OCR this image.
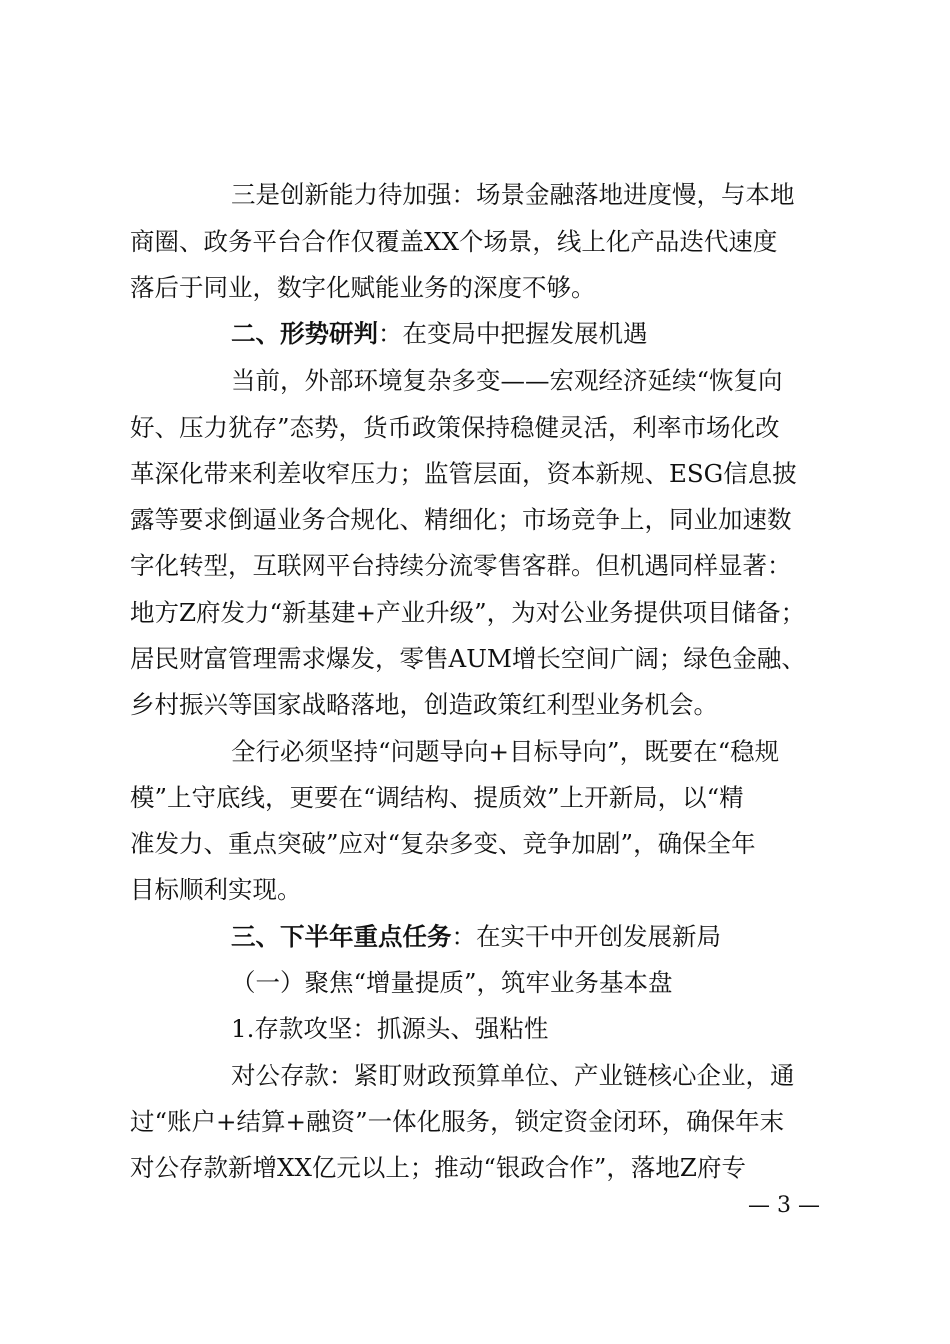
三是创新能力待加强：场景金融落地进度慢，与本地
商圈、政务平台合作仅覆盖XX个场景，线上化产品迭代速度
落后于同业，数字化赋能业务的深度不够。
二、形势研判：在变局中把握发展机遇
当前，外部环境复杂多变——宏观经济延续“恢复向
好、压力犹存”态势，货币政策保持稳健灵活，利率市场化改
革深化带来利差收窄压力；监管层面，资本新规、ESG信息披
露等要求倒逼业务合规化、精细化；市场竞争上，同业加速数
字化转型，互联网平台持续分流零售客群。但机遇同样显著：
地方Z府发力“新基建+产业升级”，为对公业务提供项目储备；
居民财富管理需求爆发，零售AUM增长空间广阔；绿色金融、
乡村振兴等国家战略落地，创造政策红利型业务机会。
全行必须坚持“问题导向+目标导向”，既要在“稳规
模”上守底线，更要在“调结构、提质效”上开新局，以“精
准发力、重点突破”应对“复杂多变、竞争加剧”，确保全年
目标顺利实现。
三、下半年重点任务：在实干中开创发展新局
（一）聚焦“增量提质”，筑牢业务基本盘
1.存款攻坚：抓源头、强粘性
对公存款：紧盯财政预算单位、产业链核心企业，通
过“账户+结算+融资”一体化服务，锁定资金闭环，确保年末
对公存款新增XX亿元以上；推动“银政合作”，落地Z府专
— 3 —
